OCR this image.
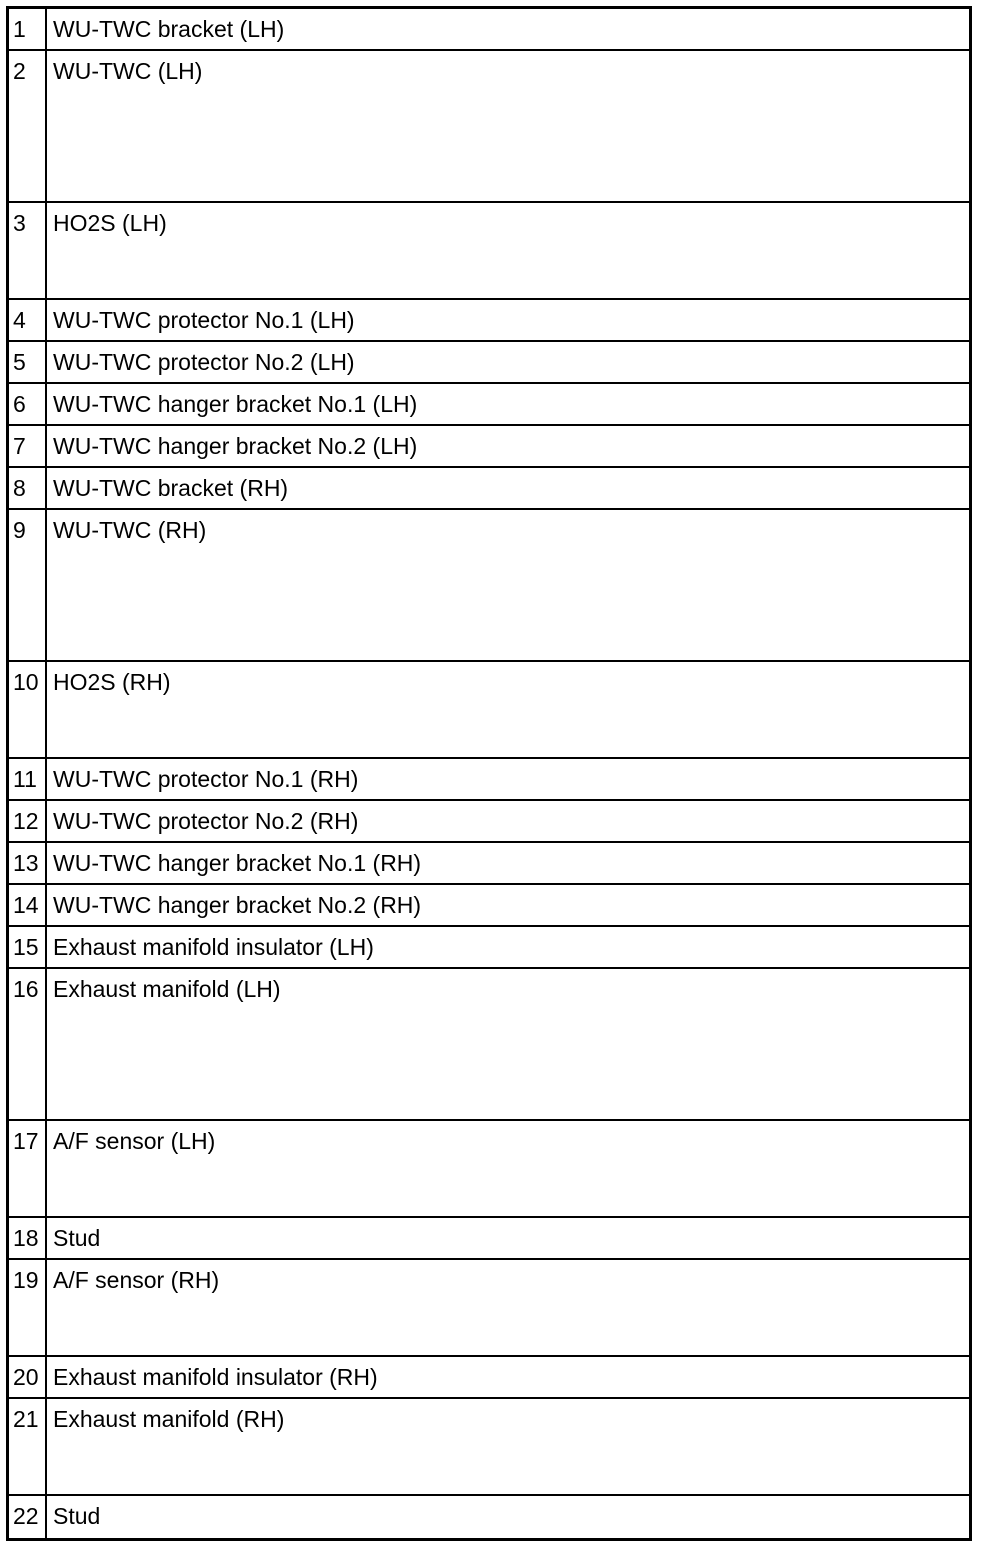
1	WU-TWC bracket (LH)
2	WU-TWC (LH)
3	HO2S (LH)
4	WU-TWC protector No.1 (LH)
5	WU-TWC protector No.2 (LH)
6	WU-TWC hanger bracket No.1 (LH)
7	WU-TWC hanger bracket No.2 (LH)
8	WU-TWC bracket (RH)
9	WU-TWC (RH)
10 HO2S (RH)
11 WU-TWC protector No.1 (RH)
12 WU-TWC protector No.2 (RH)
13 WU-TWC hanger bracket No.1 (RH)
14 WU-TWC hanger bracket No.2 (RH)
15 Exhaust manifold insulator (LH)
16 Exhaust manifold (LH)
17 A/F sensor (LH)
18 Stud
19 A/F sensor (RH)
20 Exhaust manifold insulator (RH)
21 Exhaust manifold (RH)
22 Stud
